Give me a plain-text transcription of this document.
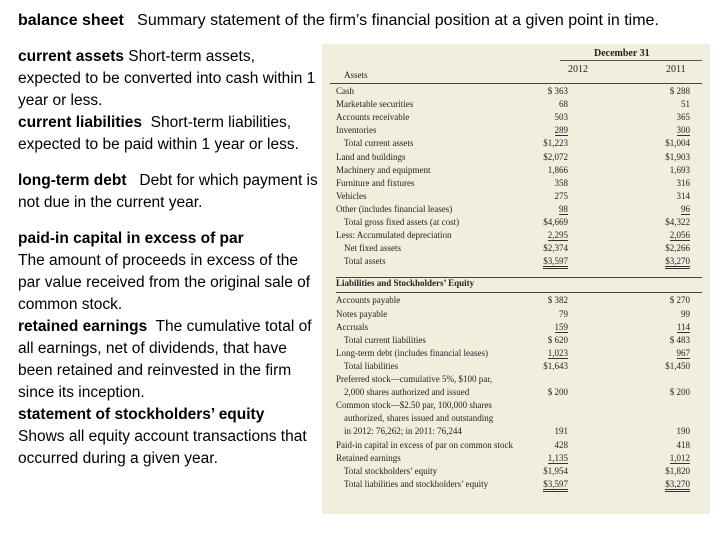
balance sheet Summary statement of the firm’s financial position at a given point in time.

current assets Short-term assets, expected to be converted into cash within 1 year or less.

current liabilities Short-term liabilities, expected to be paid within 1 year or less.

long-term debt Debt for which payment is not due in the current year.

paid-in capital in excess of par

The amount of proceeds in excess of the par value received from the original sale of common stock.

retained earnings The cumulative total of all earnings, net of dividends, that have been retained and reinvested in the firm since its inception.

statement of stockholders’ equity

Shows all equity account transactions that occurred during a given year.

December 31
2012	2011
Assets
Cash	$ 363	$ 288
Marketable securities	68	51
Accounts receivable	503	365
Inventories	289	300
Total current assets	$1,223	$1,004
Land and buildings	$2,072	$1,903
Machinery and equipment	1,866	1,693
Furniture and fixtures	358	316
Vehicles	275	314
Other (includes financial leases)	98	96
Total gross fixed assets (at cost)	$4,669	$4,322
Less: Accumulated depreciation	2,295	2,056
Net fixed assets	$2,374	$2,266
Total assets	$3,597	$3,270
Liabilities and Stockholders’ Equity
Accounts payable	$ 382	$ 270
Notes payable	79	99
Accruals	159	114
Total current liabilities	$ 620	$ 483
Long-term debt (includes financial leases)	1,023	967
Total liabilities	$1,643	$1,450
Preferred stock—cumulative 5%, $100 par,
2,000 shares authorized and issued	$ 200	$ 200
Common stock—$2.50 par, 100,000 shares
authorized, shares issued and outstanding
in 2012: 76,262; in 2011: 76,244	191	190
Paid-in capital in excess of par on common stock	428	418
Retained earnings	1,135	1,012
Total stockholders’ equity	$1,954	$1,820
Total liabilities and stockholders’ equity	$3,597	$3,270
